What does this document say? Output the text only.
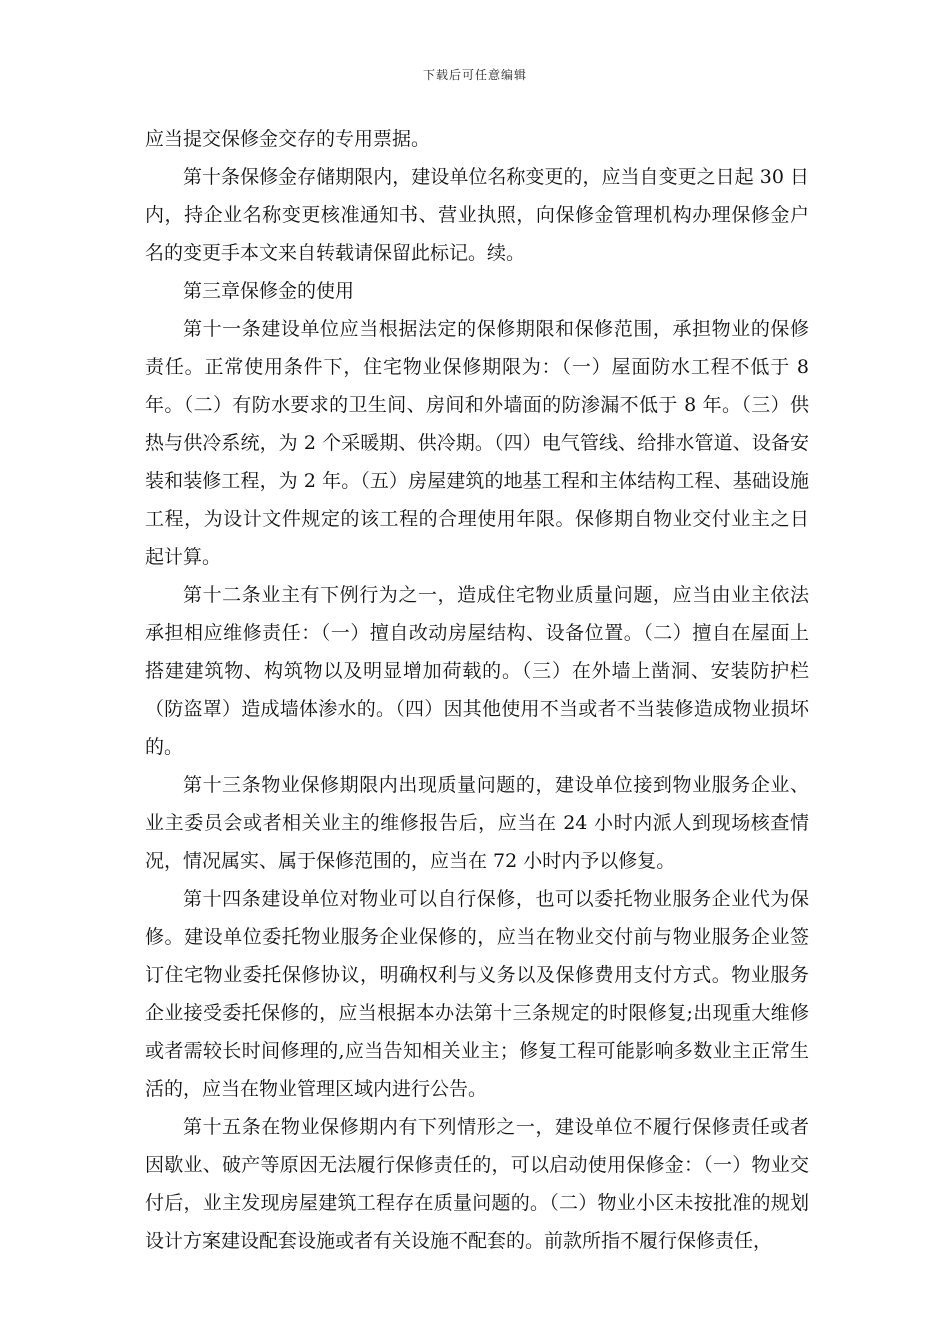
下载后可任意编辑

应当提交保修金交存的专用票据。

第十条保修金存储期限内，建设单位名称变更的，应当自变更之日起 30 日内，持企业名称变更核准通知书、营业执照，向保修金管理机构办理保修金户名的变更手本文来自转载请保留此标记。续。

第三章保修金的使用

第十一条建设单位应当根据法定的保修期限和保修范围，承担物业的保修责任。正常使用条件下，住宅物业保修期限为：（一）屋面防水工程不低于 8 年。（二）有防水要求的卫生间、房间和外墙面的防渗漏不低于 8 年。（三）供热与供冷系统，为 2 个采暖期、供冷期。（四）电气管线、给排水管道、设备安装和装修工程，为 2 年。（五）房屋建筑的地基工程和主体结构工程、基础设施工程，为设计文件规定的该工程的合理使用年限。保修期自物业交付业主之日起计算。

第十二条业主有下例行为之一，造成住宅物业质量问题，应当由业主依法承担相应维修责任：（一）擅自改动房屋结构、设备位置。（二）擅自在屋面上搭建建筑物、构筑物以及明显增加荷载的。（三）在外墙上凿洞、安装防护栏（防盗罩）造成墙体渗水的。（四）因其他使用不当或者不当装修造成物业损坏的。

第十三条物业保修期限内出现质量问题的，建设单位接到物业服务企业、业主委员会或者相关业主的维修报告后，应当在 24 小时内派人到现场核查情况，情况属实、属于保修范围的，应当在 72 小时内予以修复。

第十四条建设单位对物业可以自行保修，也可以委托物业服务企业代为保修。建设单位委托物业服务企业保修的，应当在物业交付前与物业服务企业签订住宅物业委托保修协议，明确权利与义务以及保修费用支付方式。物业服务企业接受委托保修的，应当根据本办法第十三条规定的时限修复;出现重大维修或者需较长时间修理的,应当告知相关业主；修复工程可能影响多数业主正常生活的，应当在物业管理区域内进行公告。

第十五条在物业保修期内有下列情形之一，建设单位不履行保修责任或者因歇业、破产等原因无法履行保修责任的，可以启动使用保修金：（一）物业交付后，业主发现房屋建筑工程存在质量问题的。（二）物业小区未按批准的规划设计方案建设配套设施或者有关设施不配套的。前款所指不履行保修责任，
